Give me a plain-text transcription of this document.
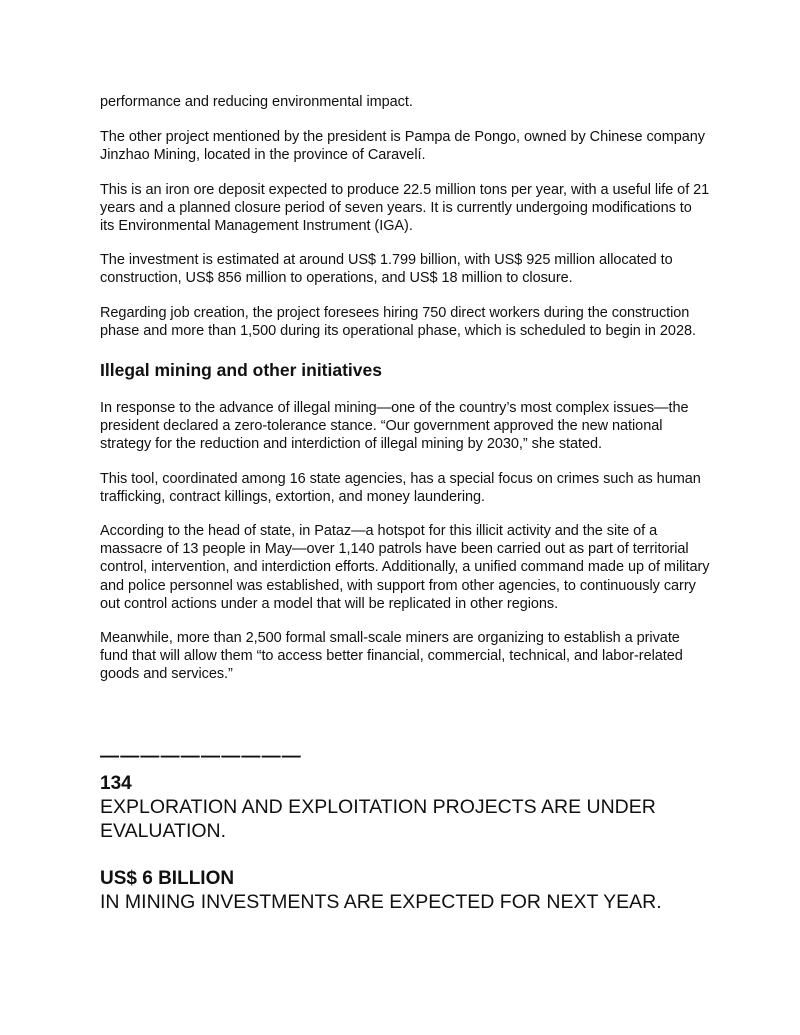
performance and reducing environmental impact.

The other project mentioned by the president is Pampa de Pongo, owned by Chinese company Jinzhao Mining, located in the province of Caravelí.

This is an iron ore deposit expected to produce 22.5 million tons per year, with a useful life of 21 years and a planned closure period of seven years. It is currently undergoing modifications to its Environmental Management Instrument (IGA).

The investment is estimated at around US$ 1.799 billion, with US$ 925 million allocated to construction, US$ 856 million to operations, and US$ 18 million to closure.

Regarding job creation, the project foresees hiring 750 direct workers during the construction phase and more than 1,500 during its operational phase, which is scheduled to begin in 2028.

Illegal mining and other initiatives

In response to the advance of illegal mining—one of the country’s most complex issues—the president declared a zero-tolerance stance. “Our government approved the new national strategy for the reduction and interdiction of illegal mining by 2030,” she stated.

This tool, coordinated among 16 state agencies, has a special focus on crimes such as human trafficking, contract killings, extortion, and money laundering.

According to the head of state, in Pataz—a hotspot for this illicit activity and the site of a massacre of 13 people in May—over 1,140 patrols have been carried out as part of territorial control, intervention, and interdiction efforts. Additionally, a unified command made up of military and police personnel was established, with support from other agencies, to continuously carry out control actions under a model that will be replicated in other regions.

Meanwhile, more than 2,500 formal small-scale miners are organizing to establish a private fund that will allow them “to access better financial, commercial, technical, and labor-related goods and services.”

——————————
134
EXPLORATION AND EXPLOITATION PROJECTS ARE UNDER EVALUATION.
US$ 6 BILLION
IN MINING INVESTMENTS ARE EXPECTED FOR NEXT YEAR.
